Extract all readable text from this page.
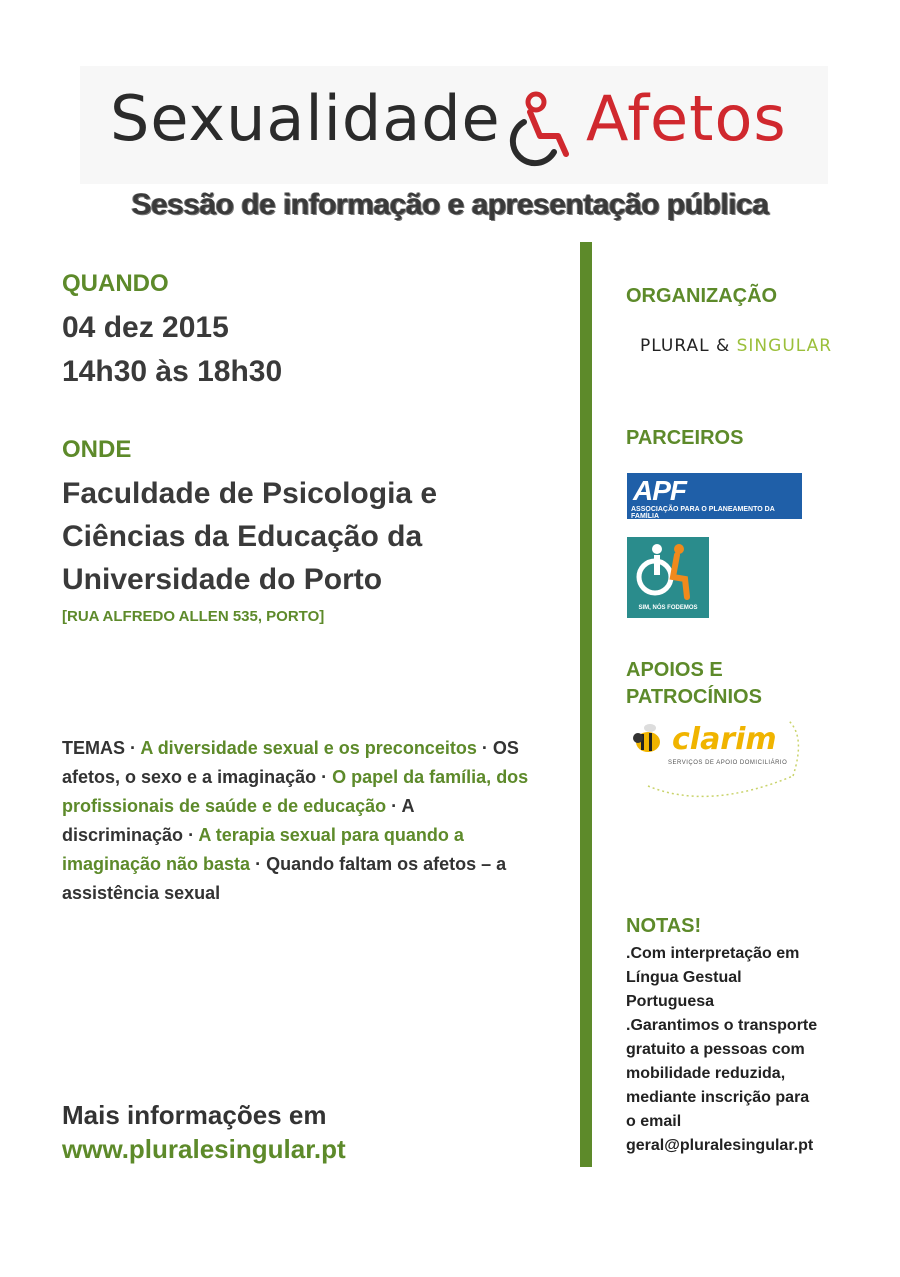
Sexualidade Afetos
Sessão de informação e apresentação pública
QUANDO
04 dez 2015
14h30 às 18h30
ONDE
Faculdade de Psicologia e
Ciências da Educação da
Universidade do Porto
[RUA ALFREDO ALLEN 535, PORTO]
TEMAS · A diversidade sexual e os preconceitos · OS afetos, o sexo e a imaginação · O papel da família, dos profissionais de saúde e de educação · A discriminação · A terapia sexual para quando a imaginação não basta · Quando faltam os afetos – a assistência sexual
Mais informações em
www.pluralesingular.pt
ORGANIZAÇÃO
PLURAL & SINGULAR
PARCEIROS
APF
ASSOCIAÇÃO PARA O PLANEAMENTO DA FAMÍLIA
SIM, NÓS FODEMOS
APOIOS E
PATROCÍNIOS
clarim
SERVIÇOS DE APOIO DOMICILIÁRIO
NOTAS!
.Com interpretação em
Língua Gestual
Portuguesa
.Garantimos o transporte
gratuito a pessoas com
mobilidade reduzida,
mediante inscrição para
o email
geral@pluralesingular.pt
